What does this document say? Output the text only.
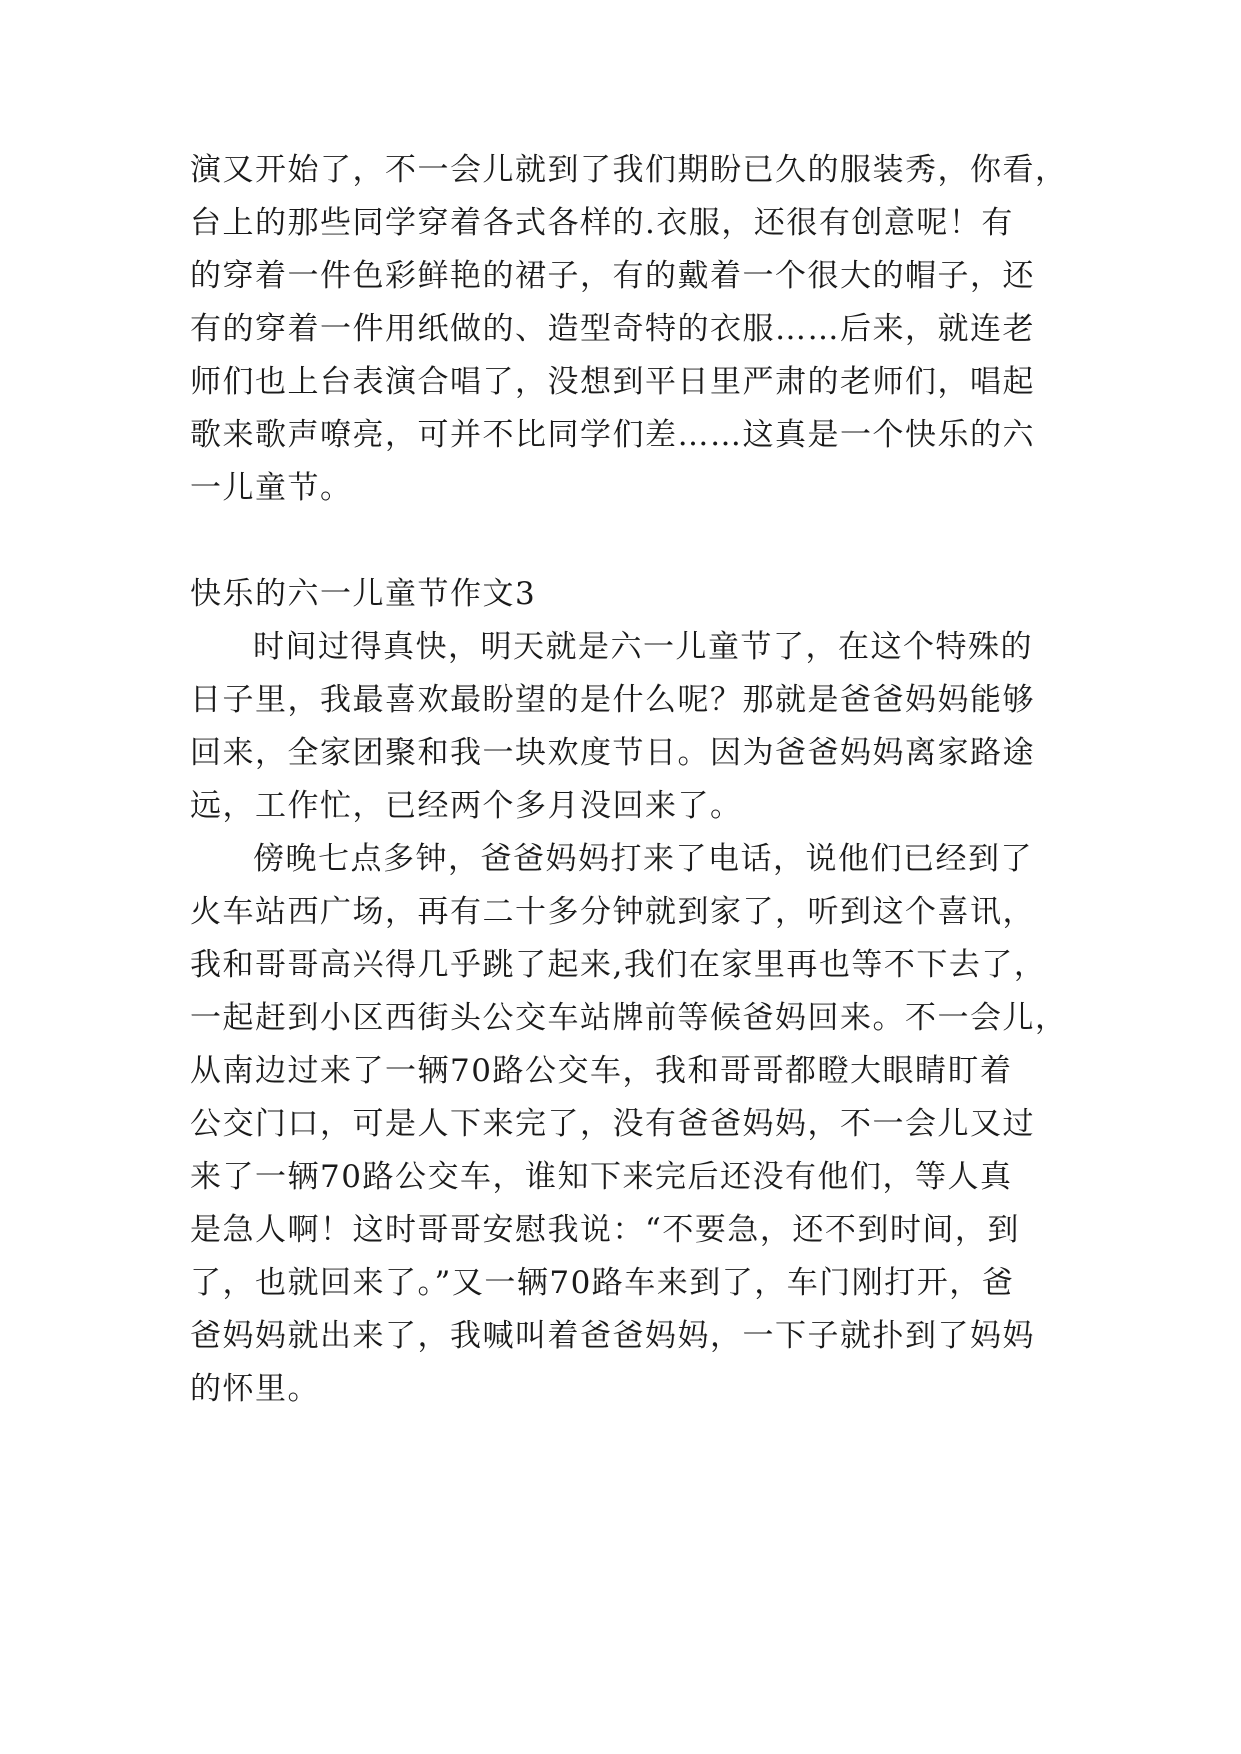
演又开始了，不一会儿就到了我们期盼已久的服装秀，你看，
台上的那些同学穿着各式各样的.衣服，还很有创意呢！有
的穿着一件色彩鲜艳的裙子，有的戴着一个很大的帽子，还
有的穿着一件用纸做的、造型奇特的衣服……后来，就连老
师们也上台表演合唱了，没想到平日里严肃的老师们，唱起
歌来歌声嘹亮，可并不比同学们差……这真是一个快乐的六
一儿童节。
快乐的六一儿童节作文3
时间过得真快，明天就是六一儿童节了，在这个特殊的
日子里，我最喜欢最盼望的是什么呢？那就是爸爸妈妈能够
回来，全家团聚和我一块欢度节日。因为爸爸妈妈离家路途
远，工作忙，已经两个多月没回来了。
傍晚七点多钟，爸爸妈妈打来了电话，说他们已经到了
火车站西广场，再有二十多分钟就到家了，听到这个喜讯，
我和哥哥高兴得几乎跳了起来,我们在家里再也等不下去了，
一起赶到小区西街头公交车站牌前等候爸妈回来。不一会儿，
从南边过来了一辆70路公交车，我和哥哥都瞪大眼睛盯着
公交门口，可是人下来完了，没有爸爸妈妈，不一会儿又过
来了一辆70路公交车，谁知下来完后还没有他们，等人真
是急人啊！这时哥哥安慰我说：“不要急，还不到时间，到
了，也就回来了。”又一辆70路车来到了，车门刚打开，爸
爸妈妈就出来了，我喊叫着爸爸妈妈，一下子就扑到了妈妈
的怀里。
